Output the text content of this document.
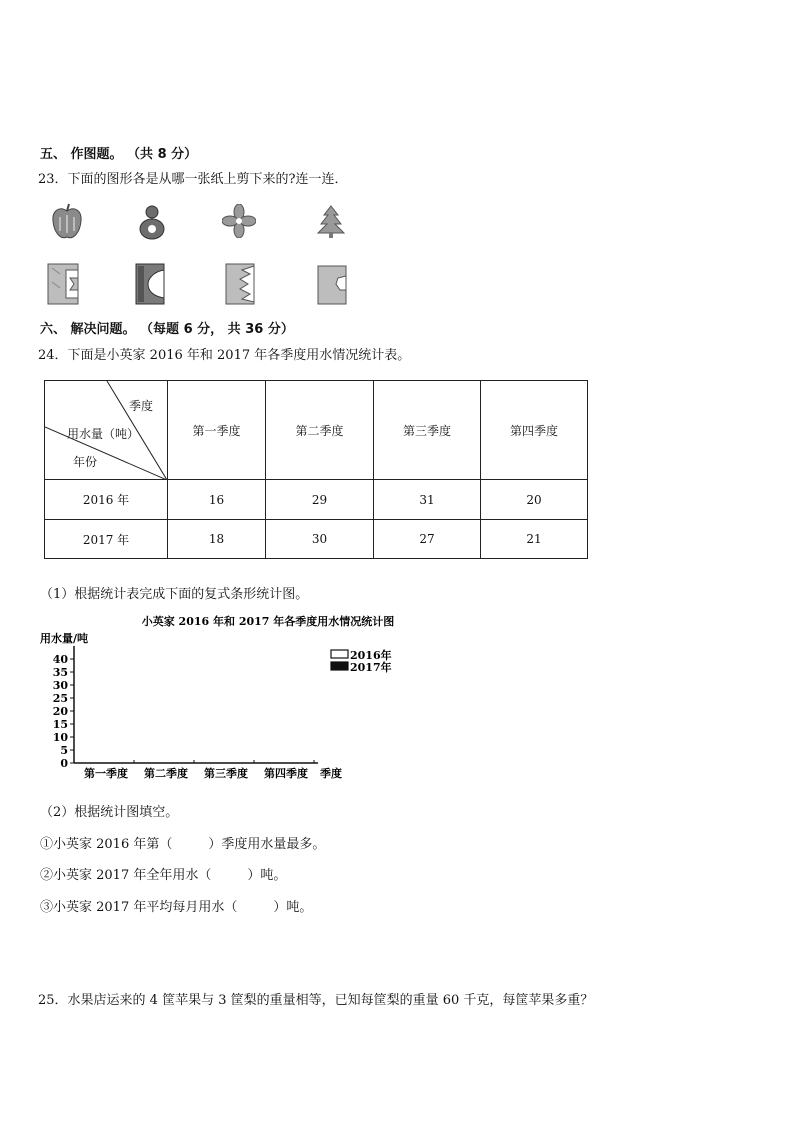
五、 作图题。 （共 8 分）
23．下面的图形各是从哪一张纸上剪下来的?连一连．
六、 解决问题。 （每题 6 分， 共 36 分）
24．下面是小英家 2016 年和 2017 年各季度用水情况统计表。
季度
用水量（吨）
年份	第一季度	第二季度	第三季度	第四季度
2016 年	16	29	31	20
2017 年	18	30	27	21
（1）根据统计表完成下面的复式条形统计图。
小英家 2016 年和 2017 年各季度用水情况统计图
用水量/吨
0
5
10
15
20
25
30
35
40
第一季度 第二季度 第三季度 第四季度 季度
2016年
2017年
（2）根据统计图填空。
①小英家 2016 年第（	）季度用水量最多。
②小英家 2017 年全年用水（	）吨。
③小英家 2017 年平均每月用水（	）吨。
25．水果店运来的 4 筐苹果与 3 筐梨的重量相等，已知每筐梨的重量 60 千克，每筐苹果多重？
